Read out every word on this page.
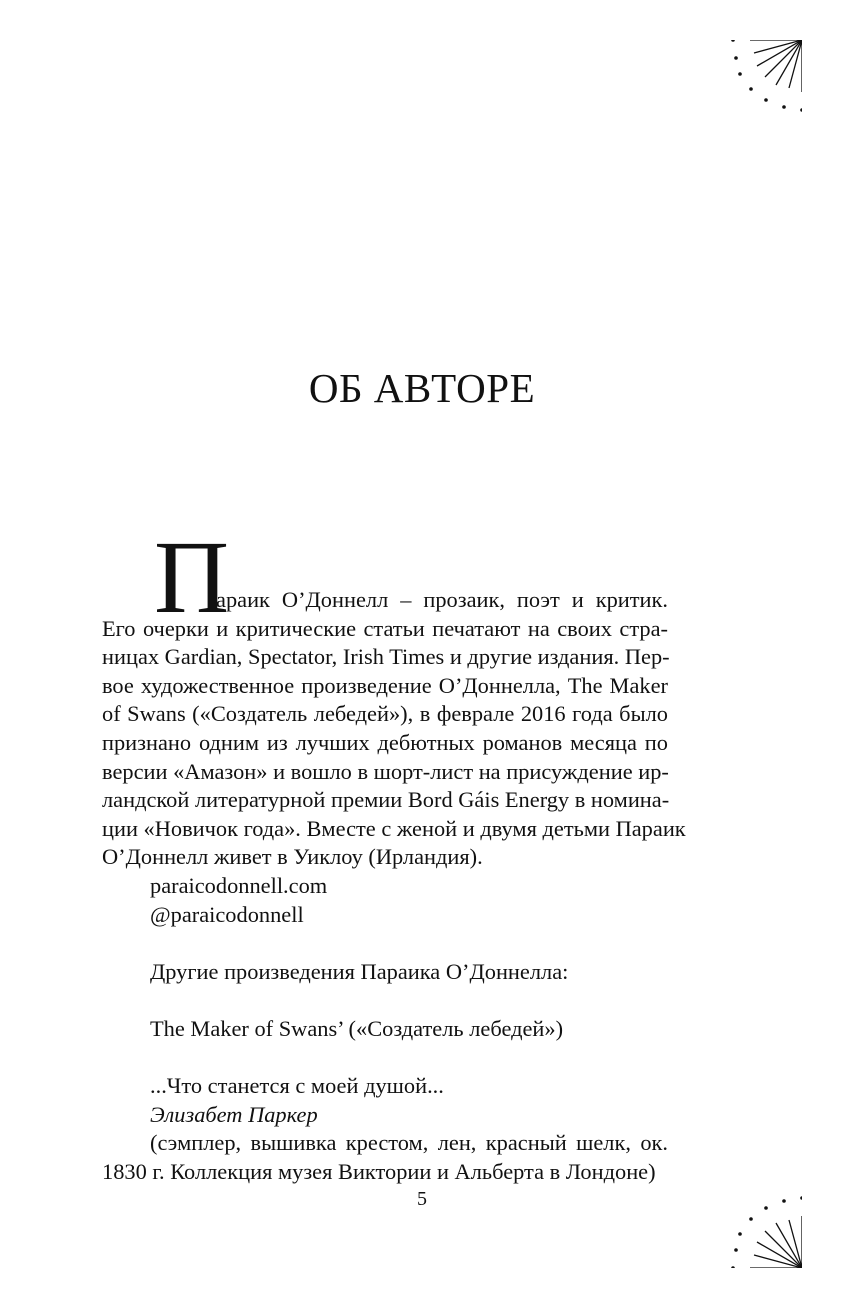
ОБ АВТОРЕ
П
араик О’Доннелл – прозаик, поэт и критик.
Его очерки и критические статьи печатают на своих стра-
ницах Gardian, Spectator, Irish Times и другие издания. Пер-
вое художественное произведение О’Доннелла, The Maker
of Swans («Создатель лебедей»), в феврале 2016 года было
признано одним из лучших дебютных романов месяца по
версии «Амазон» и вошло в шорт-лист на присуждение ир-
ландской литературной премии Bord Gáis Energy в номина-
ции «Новичок года». Вместе с женой и двумя детьми Параик
О’Доннелл живет в Уиклоу (Ирландия).
paraicodonnell.com
@paraicodonnell
Другие произведения Параика О’Доннелла:
The Maker of Swans’ («Создатель лебедей»)
...Что станется с моей душой...
Элизабет Паркер
(сэмплер, вышивка крестом, лен, красный шелк, ок.
1830 г. Коллекция музея Виктории и Альберта в Лондоне)
5
